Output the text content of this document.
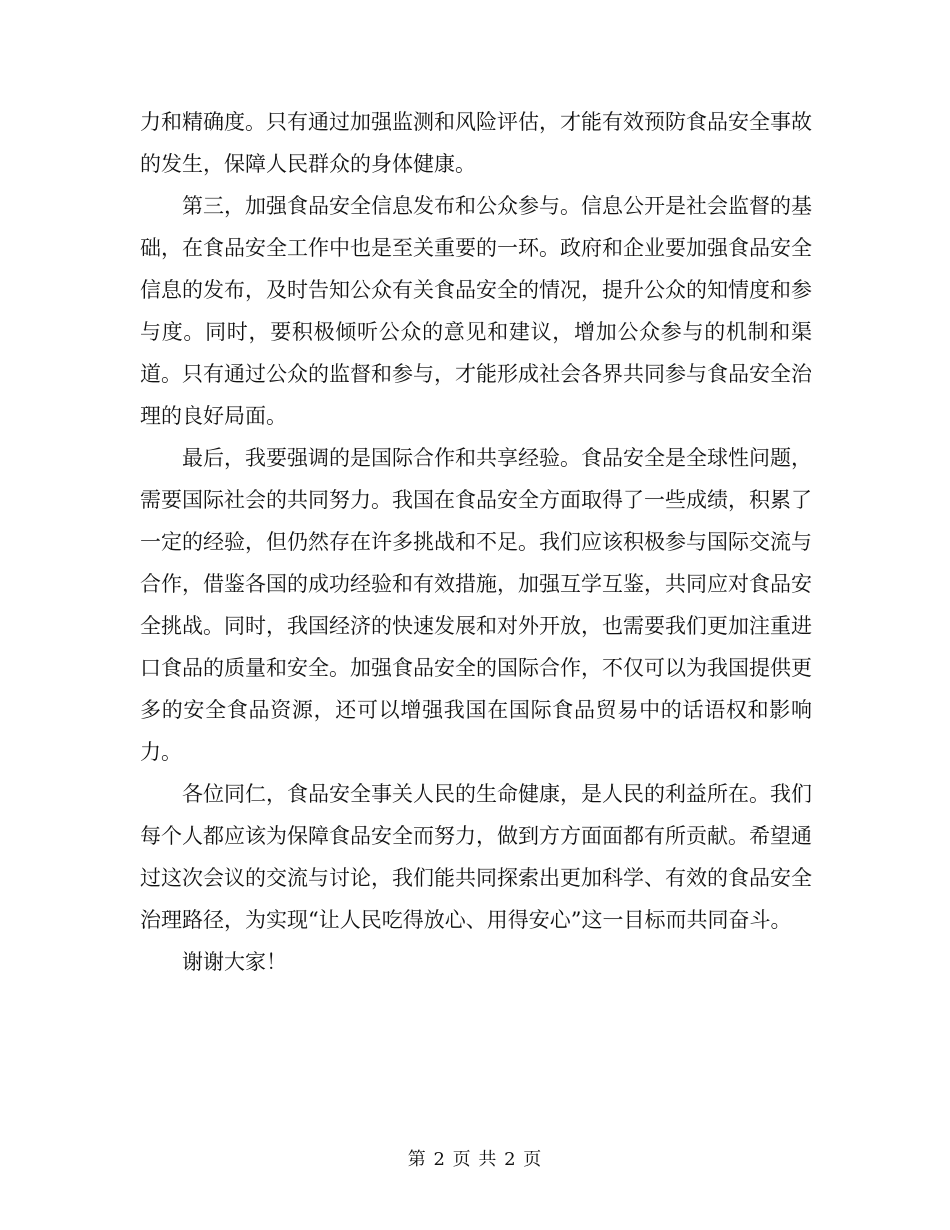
力和精确度。只有通过加强监测和风险评估，才能有效预防食品安全事故的发生，保障人民群众的身体健康。

第三，加强食品安全信息发布和公众参与。信息公开是社会监督的基础，在食品安全工作中也是至关重要的一环。政府和企业要加强食品安全信息的发布，及时告知公众有关食品安全的情况，提升公众的知情度和参与度。同时，要积极倾听公众的意见和建议，增加公众参与的机制和渠道。只有通过公众的监督和参与，才能形成社会各界共同参与食品安全治理的良好局面。

最后，我要强调的是国际合作和共享经验。食品安全是全球性问题，需要国际社会的共同努力。我国在食品安全方面取得了一些成绩，积累了一定的经验，但仍然存在许多挑战和不足。我们应该积极参与国际交流与合作，借鉴各国的成功经验和有效措施，加强互学互鉴，共同应对食品安全挑战。同时，我国经济的快速发展和对外开放，也需要我们更加注重进口食品的质量和安全。加强食品安全的国际合作，不仅可以为我国提供更多的安全食品资源，还可以增强我国在国际食品贸易中的话语权和影响力。

各位同仁，食品安全事关人民的生命健康，是人民的利益所在。我们每个人都应该为保障食品安全而努力，做到方方面面都有所贡献。希望通过这次会议的交流与讨论，我们能共同探索出更加科学、有效的食品安全治理路径，为实现“让人民吃得放心、用得安心”这一目标而共同奋斗。

谢谢大家！

第 2 页 共 2 页
